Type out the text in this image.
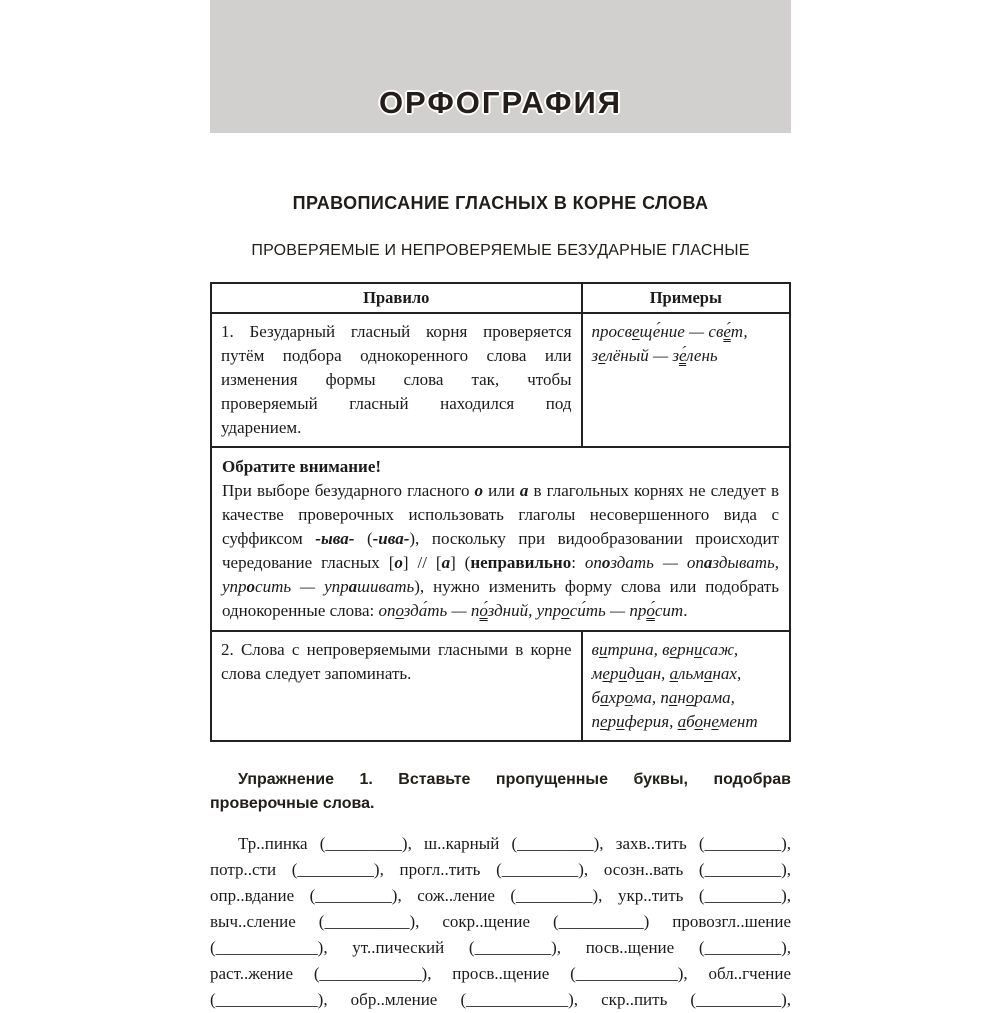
ОРФОГРАФИЯ
ПРАВОПИСАНИЕ ГЛАСНЫХ В КОРНЕ СЛОВА
ПРОВЕРЯЕМЫЕ И НЕПРОВЕРЯЕМЫЕ БЕЗУДАРНЫЕ ГЛАСНЫЕ
Правило	Примеры
1. Безударный гласный корня проверяется путём подбора однокоренного слова или изменения формы слова так, чтобы проверяемый гласный находился под ударением.	просвеще́ние — све́т,
зелёный — зе́лень

Обратите внимание!
При выборе безударного гласного о или а в глагольных корнях не следует в качестве проверочных использовать глаголы несовершенного вида с суффиксом -ыва- (-ива-), поскольку при видообразовании происходит чередование гласных [о] // [а] (неправильно: опоздать — опаздывать, упросить — упрашивать), нужно изменить форму слова или подобрать однокоренные слова: опозда́ть — по́здний, упроси́ть — про́сит.	

2. Слова с непроверяемыми гласными в корне слова следует запоминать.	витрина, вернисаж,
меридиан, альманах,
бахрома, панорама,
периферия, абонемент
Упражнение 1. Вставьте пропущенные буквы, подобрав проверочные слова.
Тр..пинка (_________), ш..карный (_________), захв..тить (_________),
потр..сти (_________), прогл..тить (_________), осозн..вать (_________),
опр..вдание (_________), сож..ление (_________), укр..тить (_________),
выч..сление (__________), сокр..щение (__________) провозгл..шение
(____________), ут..пический (_________), посв..щение (_________),
раст..жение (____________), просв..щение (____________), обл..гчение
(____________), обр..мление (____________), скр..пить (__________),
